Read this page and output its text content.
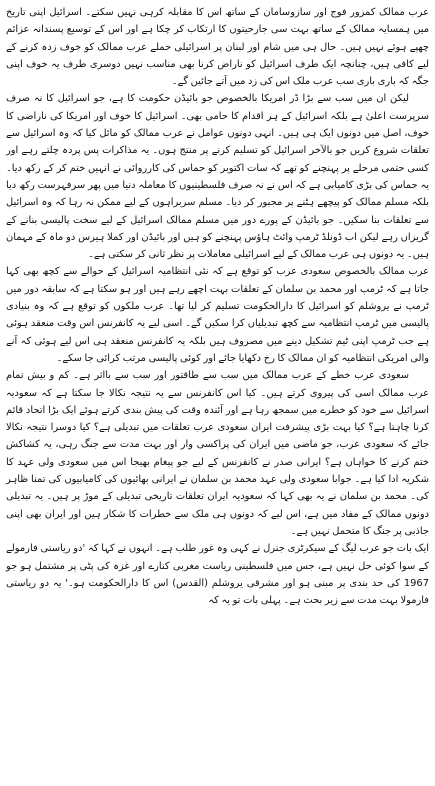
عرب ممالک کمزور فوج اور سازوسامان کے ساتھ اس کا مقابلہ کرہی نہیں سکتے۔ اسرائیل اپنی تاریخ میں ہمسایہ ممالک کے ساتھ بہت سی جارحیتوں کا ارتکاب کر چکا ہے اور اس کے توسیع پسندانہ عزائم چھپے ہوئے نہیں ہیں۔ حال ہی میں شام اور لبنان پر اسرائیلی حملے عرب ممالک کو خوف زدہ کرنے کے لیے کافی ہیں، چنانچہ ایک طرف اسرائیل کو ناراض کرنا بھی مناسب نہیں دوسری طرف یہ خوف اپنی جگہ کہ باری باری سب عرب ملک اس کی زد میں آتے جائیں گے۔

لیکن ان میں سب سے بڑا ڈر امریکا بالخصوص جو بائیڈن حکومت کا ہے، جو اسرائیل کا نہ صرف سرپرست اعلیٰ ہے بلکہ اسرائیل کے ہر اقدام کا حامی بھی۔ اسرائیل کا خوف اور امریکا کی ناراضی کا خوف، اصل میں دونوں ایک ہی ہیں۔ انہی دونوں عوامل نے عرب ممالک کو مائل کیا کہ وہ اسرائیل سے تعلقات شروع کریں جو بالآخر اسرائیل کو تسلیم کرنے پر منتج ہوں۔ یہ مذاکرات پس پردہ چلتے رہے اور کسی حتمی مرحلے پر پہنچنے کو تھے کہ سات اکتوبر کو حماس کی کارروائی نے انہیں ختم کر کے رکھ دیا۔ یہ حماس کی بڑی کامیابی ہے کہ اس نے نہ صرف فلسطینیوں کا معاملہ دنیا میں پھر سرفہرست رکھ دیا بلکہ مسلم ممالک کو پیچھے ہٹنے پر مجبور کر دیا۔ مسلم سربراہوں کے لیے ممکن نہ رہا کہ وہ اسرائیل سے تعلقات بنا سکیں۔ جو بائیڈن کے پورے دور میں مسلم ممالک اسرائیل کے لیے سخت پالیسی بنانے کے گریزاں رہے لیکن اب ڈونلڈ ٹرمپ وائٹ ہاؤس پہنچنے کو ہیں اور بائیڈن اور کملا ہیرس دو ماہ کے مہمان ہیں۔ یہ دونوں ہی عرب ممالک کے لیے اسرائیلی معاملات پر نظر ثانی کر سکتی ہے۔

عرب ممالک بالخصوص سعودی عرب کو توقع ہے کہ نئی انتظامیہ اسرائیل کے حوالے سے کچھ بھی کہا جاتا ہے کہ ٹرمپ اور محمد بن سلمان کے تعلقات بہت اچھے رہے ہیں اور ہو سکتا ہے کہ سابقہ دور میں ٹرمپ نے یروشلم کو اسرائیل کا دارالحکومت تسلیم کر لیا تھا۔ عرب ملکوں کو توقع ہے کہ وہ بنیادی پالیسی میں ٹرمپ انتظامیہ سے کچھ تبدیلیاں کرا سکیں گے۔ اسی لیے یہ کانفرنس اس وقت منعقد ہوئی ہے جب ٹرمپ اپنی ٹیم تشکیل دینے میں مصروف ہیں بلکہ یہ کانفرنس منعقد ہی اس لیے ہوئی کہ آنے والی امریکی انتظامیہ کو ان ممالک کا رخ دکھایا جائے اور کوئی پالیسی مرتب کرائی جا سکے۔

سعودی عرب خطے کے عرب ممالک میں سب سے طاقتور اور سب سے بااثر ہے۔ کم و بیش تمام عرب ممالک اسی کی پیروی کرتے ہیں۔ کیا اس کانفرنس سے یہ نتیجہ نکالا جا سکتا ہے کہ سعودیہ اسرائیل سے خود کو خطرے میں سمجھ رہا ہے اور آئندہ وقت کی پیش بندی کرتے ہوئے ایک بڑا اتحاد قائم کرنا چاہتا ہے؟ کیا بہت بڑی پیشرفت ایران سعودی عرب تعلقات میں تبدیلی ہے؟ کیا دوسرا نتیجہ نکالا جائے کہ سعودی عرب، جو ماضی میں ایران کی پراکسی وار اور بہت مدت سے جنگ رہی، یہ کشاکش ختم کرنے کا خواہاں ہے؟ ایرانی صدر نے کانفرنس کے لیے جو پیغام بھیجا اس میں سعودی ولی عہد کا شکریہ ادا کیا ہے۔ جوابا سعودی ولی عہد محمد بن سلمان نے ایرانی بھائیوں کی کامیابیوں کی تمنا ظاہر کی۔ محمد بن سلمان نے یہ بھی کہا کہ سعودیہ ایران تعلقات تاریخی تبدیلی کے موڑ پر ہیں۔ یہ تبدیلی دونوں ممالک کے مفاد میں ہے، اس لیے کہ دونوں ہی ملک سے خطرات کا شکار ہیں اور ایران بھی اپنی جاذبی پر جنگ کا متحمل نہیں ہے۔

ایک بات جو عرب لیگ کے سیکرٹری جنرل نے کہی وہ غور طلب ہے۔ انہوں نے کہا کہ 'دو ریاستی فارمولے کے سوا کوئی حل نہیں ہے، جس میں فلسطینی ریاست مغربی کنارے اور غزہ کی پٹی پر مشتمل ہو جو 1967 کی حد بندی پر مبنی ہو اور مشرقی یروشلم (القدس) اس کا دارالحکومت ہو۔' یہ دو ریاستی فارمولا بہت مدت سے زیر بحث ہے۔ پہلی بات تو یہ کہ
